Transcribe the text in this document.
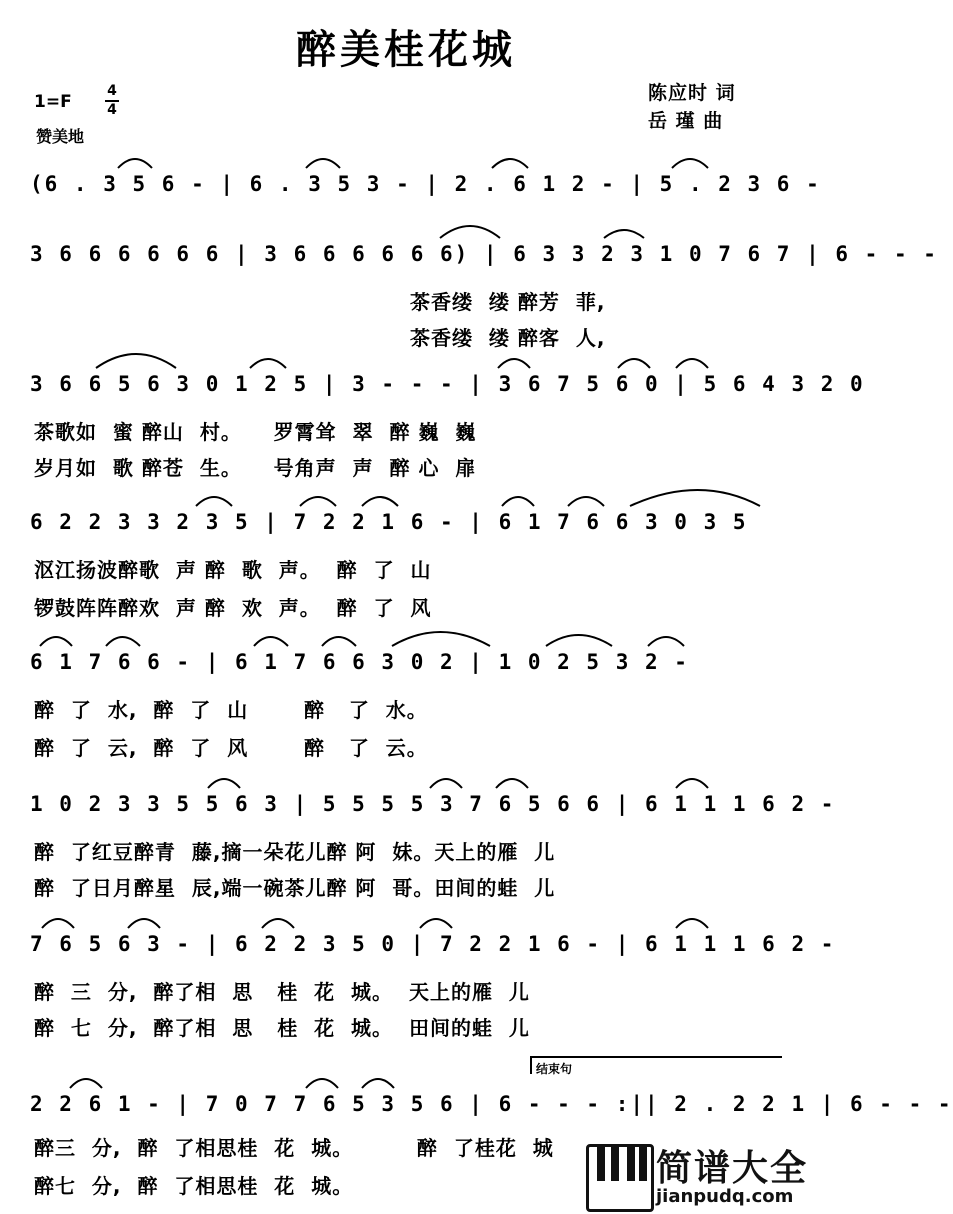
醉美桂花城
1=F
4
4
赞美地
陈应时 词
岳 瑾 曲
(6 . 3 5 6 - | 6 . 3 5 3 - | 2 . 6 1 2 - | 5 . 2 3 6 -
3 6 6 6 6 6 6 | 3 6 6 6 6 6 6) | 6 3 3 2 3 1 0 7 6 7 | 6 - - -
茶香缕  缕 醉芳  菲,
茶香缕  缕 醉客  人,
3 6 6 5 6 3 0 1 2 5 | 3 - - - | 3 6 7 5 6 0 | 5 6 4 3 2 0
茶歌如  蜜 醉山  村。    罗霄耸  翠  醉 巍  巍
岁月如  歌 醉苍  生。    号角声  声  醉 心  扉
6 2 2 3 3 2 3 5 | 7 2 2 1 6 - | 6 1 7 6 6 3 0 3 5
沤江扬波醉歌  声 醉  歌  声。  醉  了  山
锣鼓阵阵醉欢  声 醉  欢  声。  醉  了  风
6 1 7 6 6 - | 6 1 7 6 6 3 0 2 | 1 0 2 5 3 2 -
醉  了  水,  醉  了  山       醉   了  水。
醉  了  云,  醉  了  风       醉   了  云。
1 0 2 3 3 5 5 6 3 | 5 5 5 5 3 7 6 5 6 6 | 6 1 1 1 6 2 -
醉  了红豆醉青  藤,摘一朵花儿醉 阿  妹。天上的雁  儿
醉  了日月醉星  辰,端一碗茶儿醉 阿  哥。田间的蛙  儿
7 6 5 6 3 - | 6 2 2 3 5 0 | 7 2 2 1 6 - | 6 1 1 1 6 2 -
醉  三  分,  醉了相  思   桂  花  城。  天上的雁  儿
醉  七  分,  醉了相  思   桂  花  城。  田间的蛙  儿
结束句
2 2 6 1 - | 7 0 7 7 6 5 3 5 6 | 6 - - - :|| 2 . 2 2 1 | 6 - - -
醉三  分,  醉  了相思桂  花  城。        醉  了桂花  城
醉七  分,  醉  了相思桂  花  城。	简谱大全
jianpudq.com
